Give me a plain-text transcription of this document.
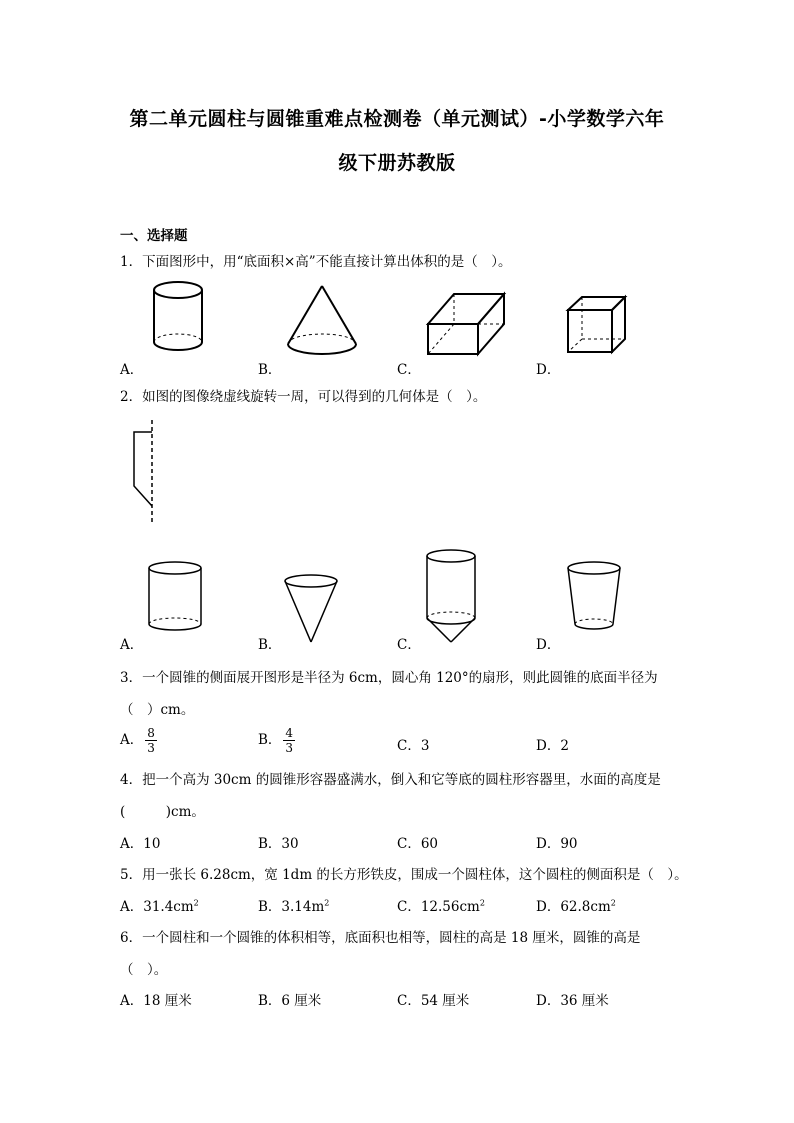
第二单元圆柱与圆锥重难点检测卷（单元测试）-小学数学六年
级下册苏教版
一、选择题
1．下面图形中，用“底面积×高”不能直接计算出体积的是（　）。
A．	B．	C．	D．
2．如图的图像绕虚线旋转一周，可以得到的几何体是（　）。
A．	B．	C．	D．
3．一个圆锥的侧面展开图形是半径为 6cm，圆心角 120°的扇形，则此圆锥的底面半径为
（　）cm。
A． $\frac{8}{3}$	B． $\frac{4}{3}$	C．3	D．2
4．把一个高为 30cm 的圆锥形容器盛满水，倒入和它等底的圆柱形容器里，水面的高度是
(　　　)cm。
A．10	B．30	C．60	D．90
5．用一张长 6.28cm，宽 1dm 的长方形铁皮，围成一个圆柱体，这个圆柱的侧面积是（　）。
A．$31.4cm^2$	B．$3.14m^2$	C．$12.56cm^2$	D．$62.8cm^2$
6．一个圆柱和一个圆锥的体积相等，底面积也相等，圆柱的高是 18 厘米，圆锥的高是
（　）。
A．18 厘米	B．6 厘米	C．54 厘米	D．36 厘米
